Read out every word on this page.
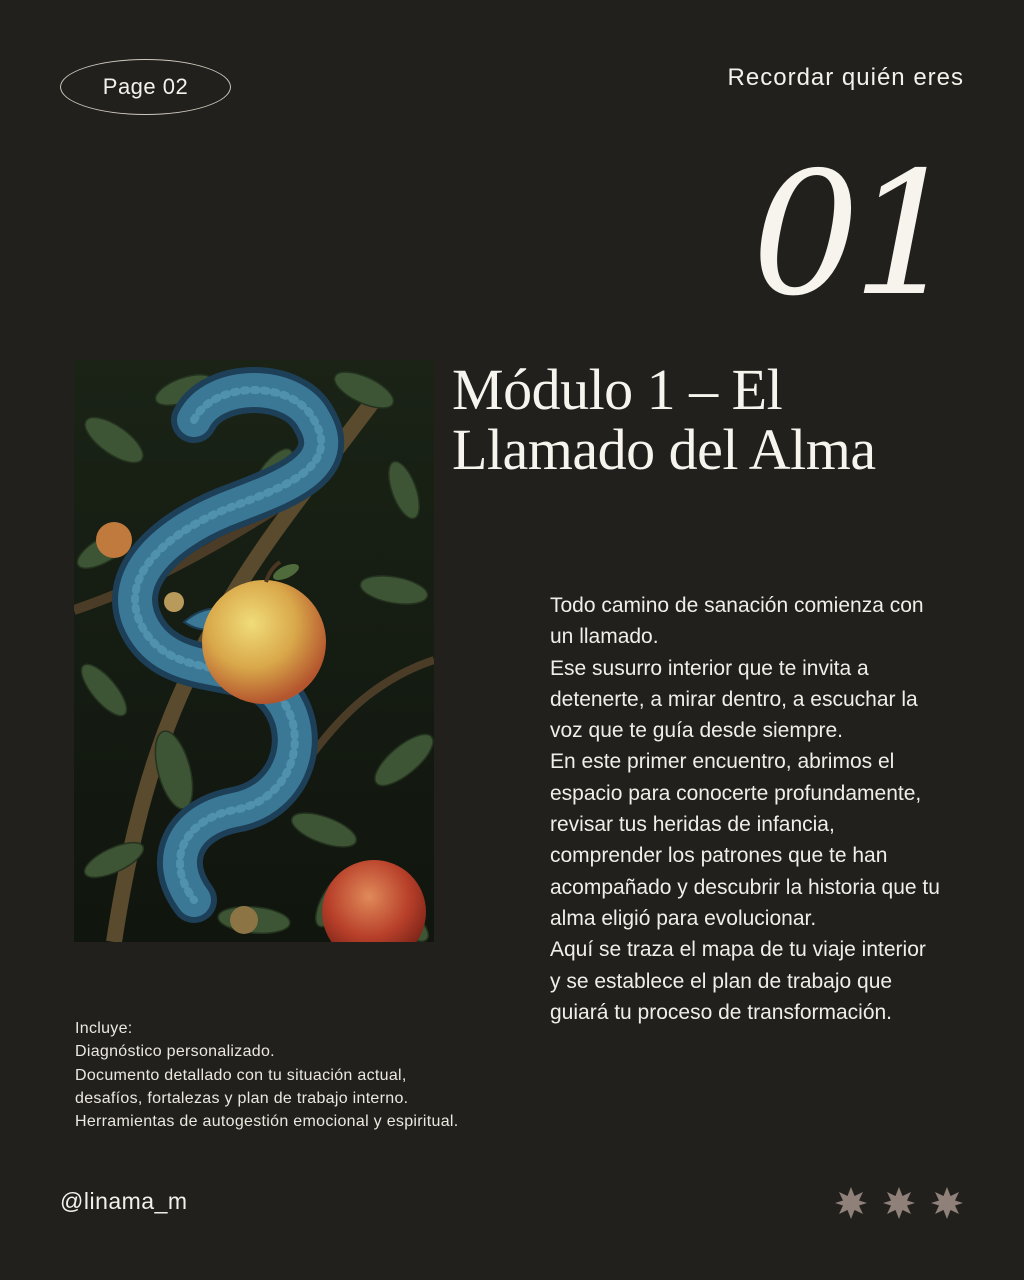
Page 02	Recordar quién eres
01
Módulo 1 – El
Llamado del Alma

Todo camino de sanación comienza con un llamado.

Ese susurro interior que te invita a detenerte, a mirar dentro, a escuchar la voz que te guía desde siempre.

En este primer encuentro, abrimos el espacio para conocerte profundamente, revisar tus heridas de infancia, comprender los patrones que te han acompañado y descubrir la historia que tu alma eligió para evolucionar.

Aquí se traza el mapa de tu viaje interior y se establece el plan de trabajo que guiará tu proceso de transformación.

Incluye:
Diagnóstico personalizado.
Documento detallado con tu situación actual,
desafíos, fortalezas y plan de trabajo interno.
Herramientas de autogestión emocional y espiritual.
@linama_m
